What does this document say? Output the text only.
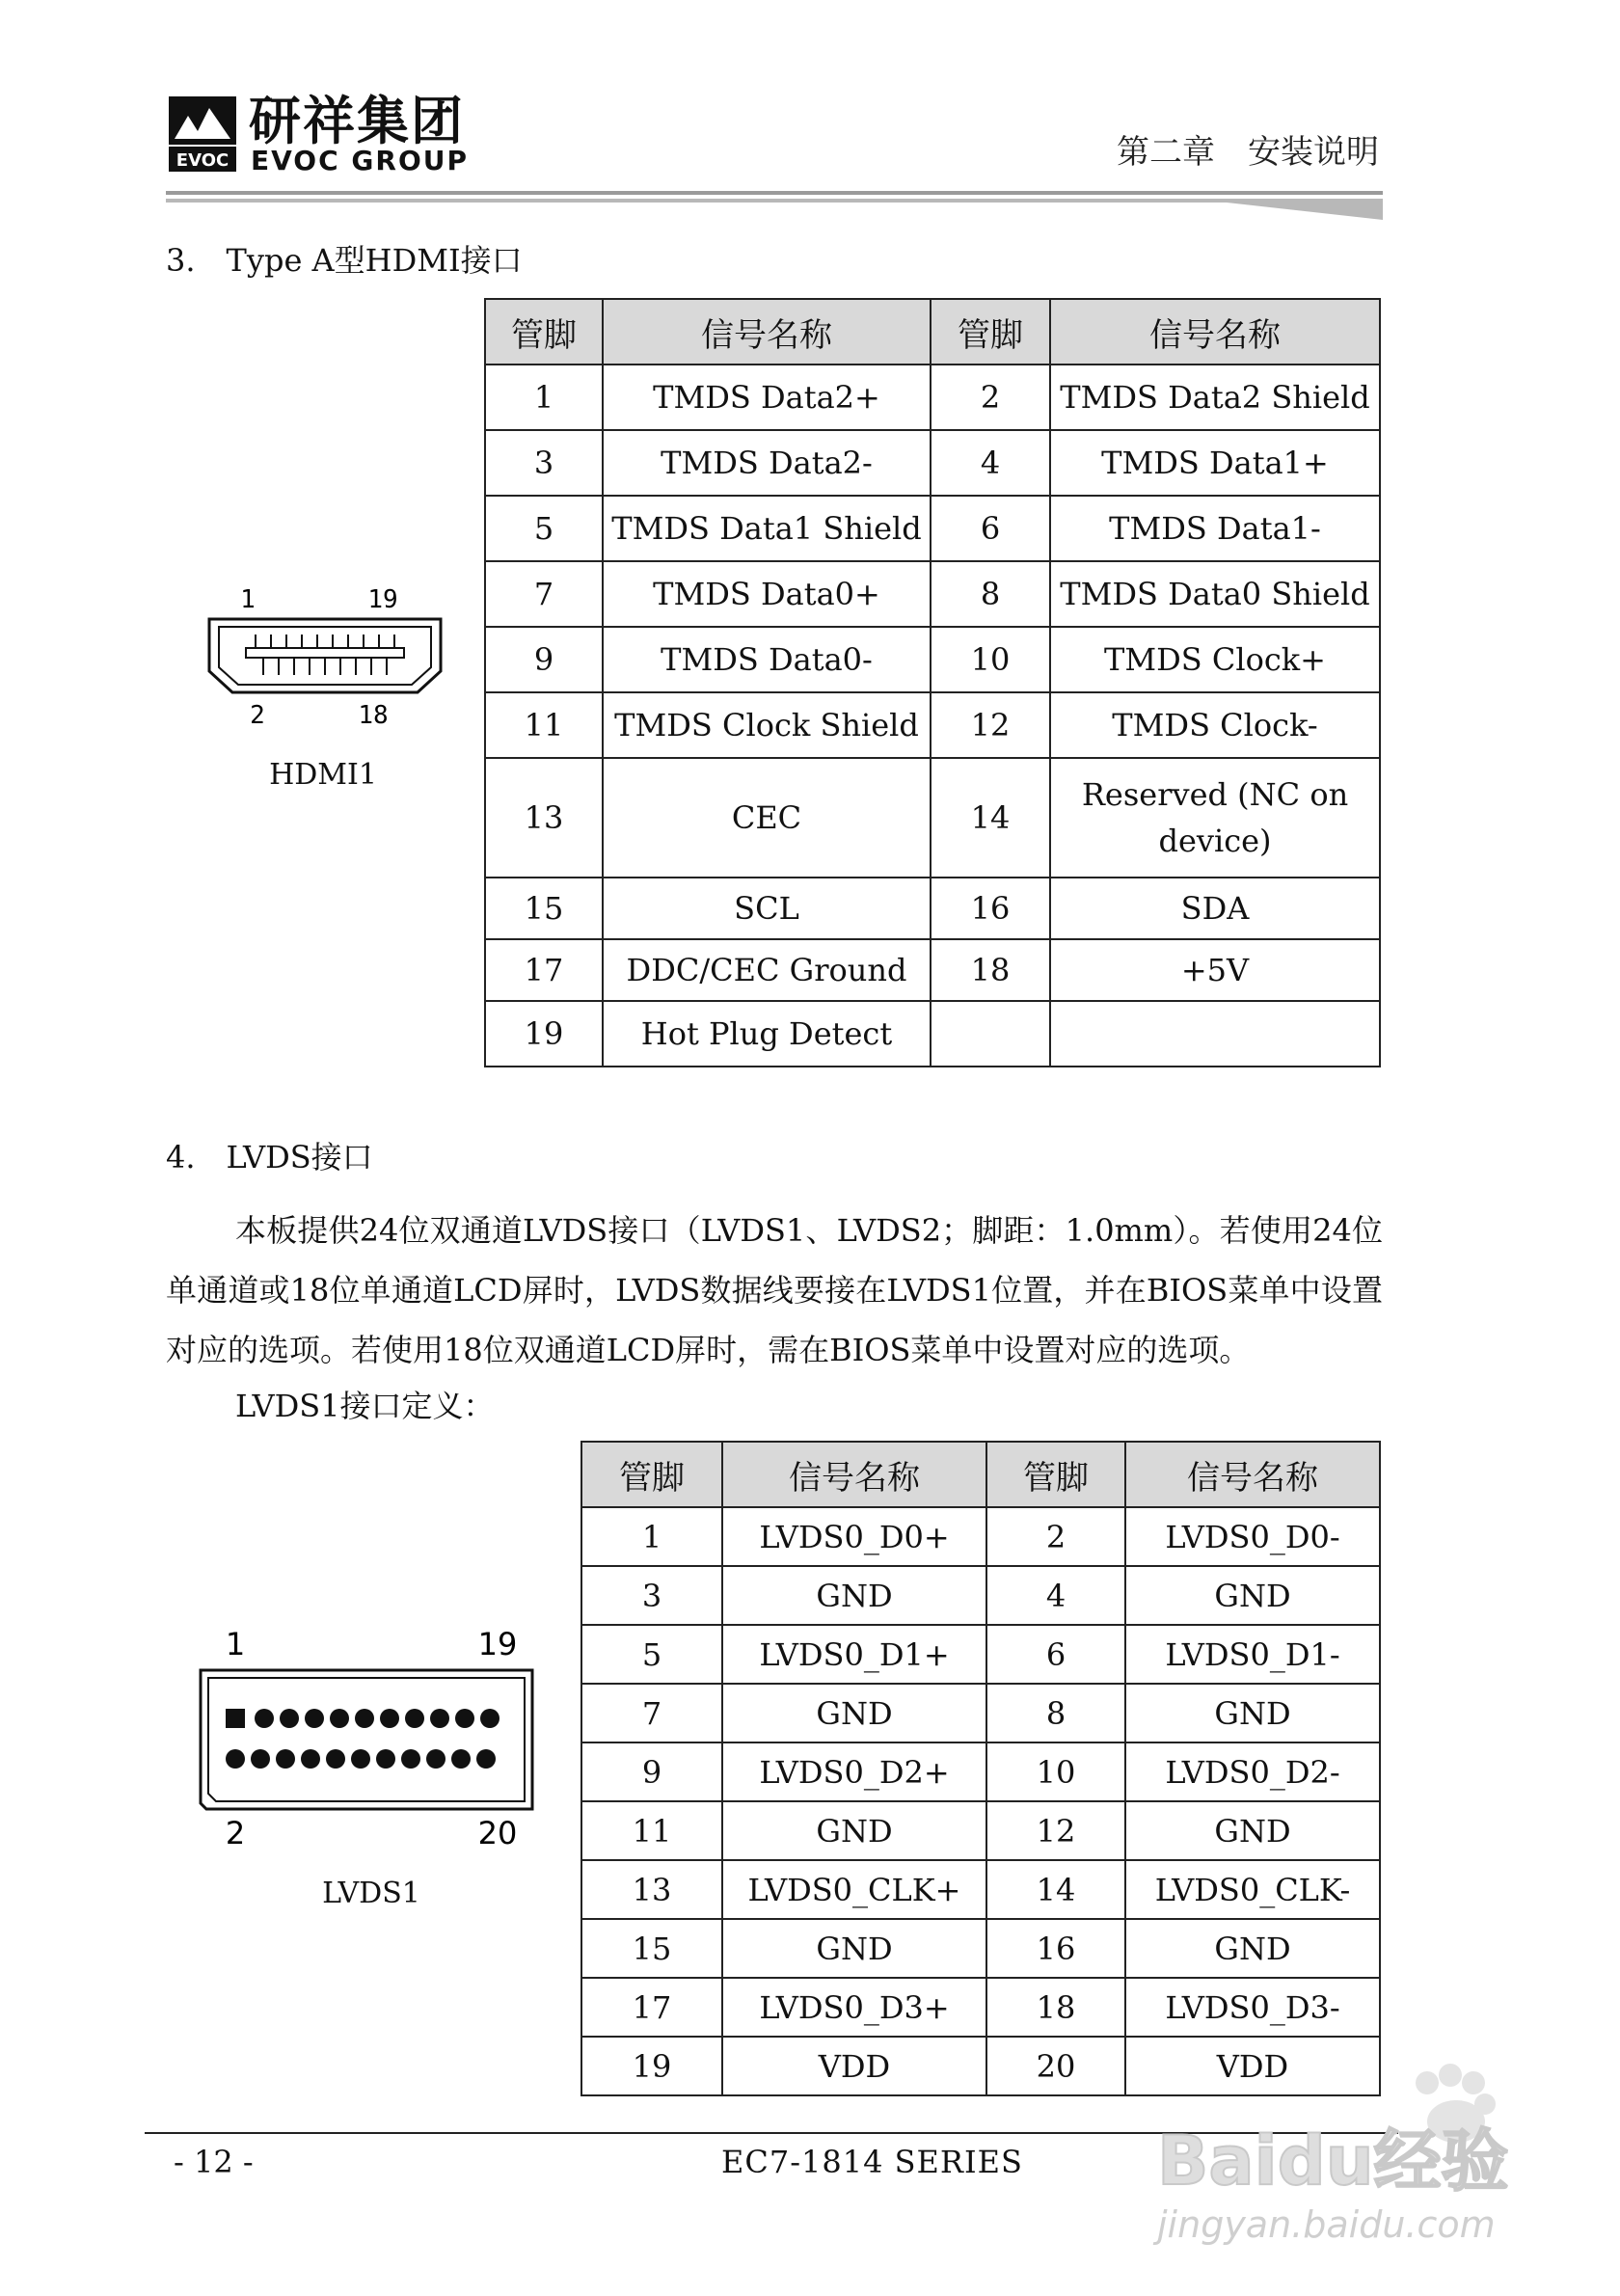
EVOC
研祥集团
EVOC GROUP	第二章　安装说明
3.　Type A型HDMI接口
1	19
2	18
HDMI1
管脚	信号名称	管脚	信号名称
1	TMDS Data2+	2	TMDS Data2 Shield
3	TMDS Data2-	4	TMDS Data1+
5	TMDS Data1 Shield	6	TMDS Data1-
7	TMDS Data0+	8	TMDS Data0 Shield
9	TMDS Data0-	10	TMDS Clock+
11	TMDS Clock Shield	12	TMDS Clock-
13	CEC	14	Reserved (NC on device)
15	SCL	16	SDA
17	DDC/CEC Ground	18	+5V
19	Hot Plug Detect		
4.　LVDS接口

本板提供24位双通道LVDS接口（LVDS1、LVDS2；脚距：1.0mm）。若使用24位单通道或18位单通道LCD屏时，LVDS数据线要接在LVDS1位置，并在BIOS菜单中设置对应的选项。若使用18位双通道LCD屏时，需在BIOS菜单中设置对应的选项。

LVDS1接口定义：
1	19
2	20
LVDS1
管脚	信号名称	管脚	信号名称
1	LVDS0_D0+	2	LVDS0_D0-
3	GND	4	GND
5	LVDS0_D1+	6	LVDS0_D1-
7	GND	8	GND
9	LVDS0_D2+	10	LVDS0_D2-
11	GND	12	GND
13	LVDS0_CLK+	14	LVDS0_CLK-
15	GND	16	GND
17	LVDS0_D3+	18	LVDS0_D3-
19	VDD	20	VDD
- 12 -	EC7-1814 SERIES Baidu经验
jingyan.baidu.com
